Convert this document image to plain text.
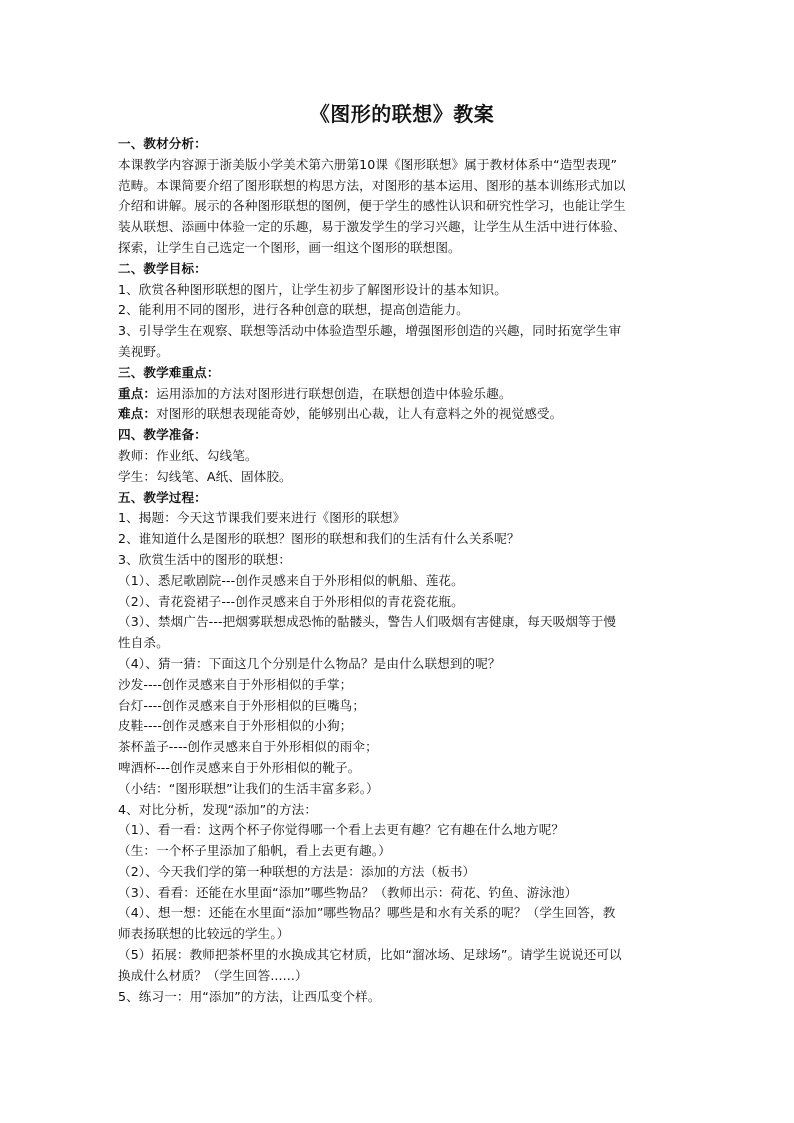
《图形的联想》教案
一、教材分析：
本课教学内容源于浙美版小学美术第六册第10课《图形联想》属于教材体系中“造型表现”
范畴。本课简要介绍了图形联想的构思方法，对图形的基本运用、图形的基本训练形式加以
介绍和讲解。展示的各种图形联想的图例，便于学生的感性认识和研究性学习，也能让学生
装从联想、添画中体验一定的乐趣，易于激发学生的学习兴趣，让学生从生活中进行体验、
探索，让学生自己选定一个图形，画一组这个图形的联想图。
二、教学目标：
1、欣赏各种图形联想的图片，让学生初步了解图形设计的基本知识。
2、能利用不同的图形，进行各种创意的联想，提高创造能力。
3、引导学生在观察、联想等活动中体验造型乐趣，增强图形创造的兴趣，同时拓宽学生审
美视野。
三、教学难重点：
重点：运用添加的方法对图形进行联想创造，在联想创造中体验乐趣。
难点：对图形的联想表现能奇妙，能够别出心裁，让人有意料之外的视觉感受。
四、教学准备：
教师：作业纸、勾线笔。
学生：勾线笔、A纸、固体胶。
五、教学过程：
1、揭题：今天这节课我们要来进行《图形的联想》
2、谁知道什么是图形的联想？图形的联想和我们的生活有什么关系呢？
3、欣赏生活中的图形的联想：
（1）、悉尼歌剧院---创作灵感来自于外形相似的帆船、莲花。
（2）、青花瓷裙子---创作灵感来自于外形相似的青花瓷花瓶。
（3）、禁烟广告---把烟雾联想成恐怖的骷髅头，警告人们吸烟有害健康，每天吸烟等于慢
性自杀。
（4）、猜一猜：下面这几个分别是什么物品？是由什么联想到的呢？
沙发----创作灵感来自于外形相似的手掌；
台灯----创作灵感来自于外形相似的巨嘴鸟；
皮鞋----创作灵感来自于外形相似的小狗；
茶杯盖子----创作灵感来自于外形相似的雨伞；
啤酒杯---创作灵感来自于外形相似的靴子。
（小结：“图形联想”让我们的生活丰富多彩。）
4、对比分析，发现“添加”的方法：
（1）、看一看：这两个杯子你觉得哪一个看上去更有趣？它有趣在什么地方呢？
（生：一个杯子里添加了船帆，看上去更有趣。）
（2）、今天我们学的第一种联想的方法是：添加的方法（板书）
（3）、看看：还能在水里面“添加”哪些物品？（教师出示：荷花、钓鱼、游泳池）
（4）、想一想：还能在水里面“添加”哪些物品？哪些是和水有关系的呢？（学生回答，教
师表扬联想的比较远的学生。）
（5）拓展：教师把茶杯里的水换成其它材质，比如“溜冰场、足球场”。请学生说说还可以
换成什么材质？（学生回答......）
5、练习一：用“添加”的方法，让西瓜变个样。
